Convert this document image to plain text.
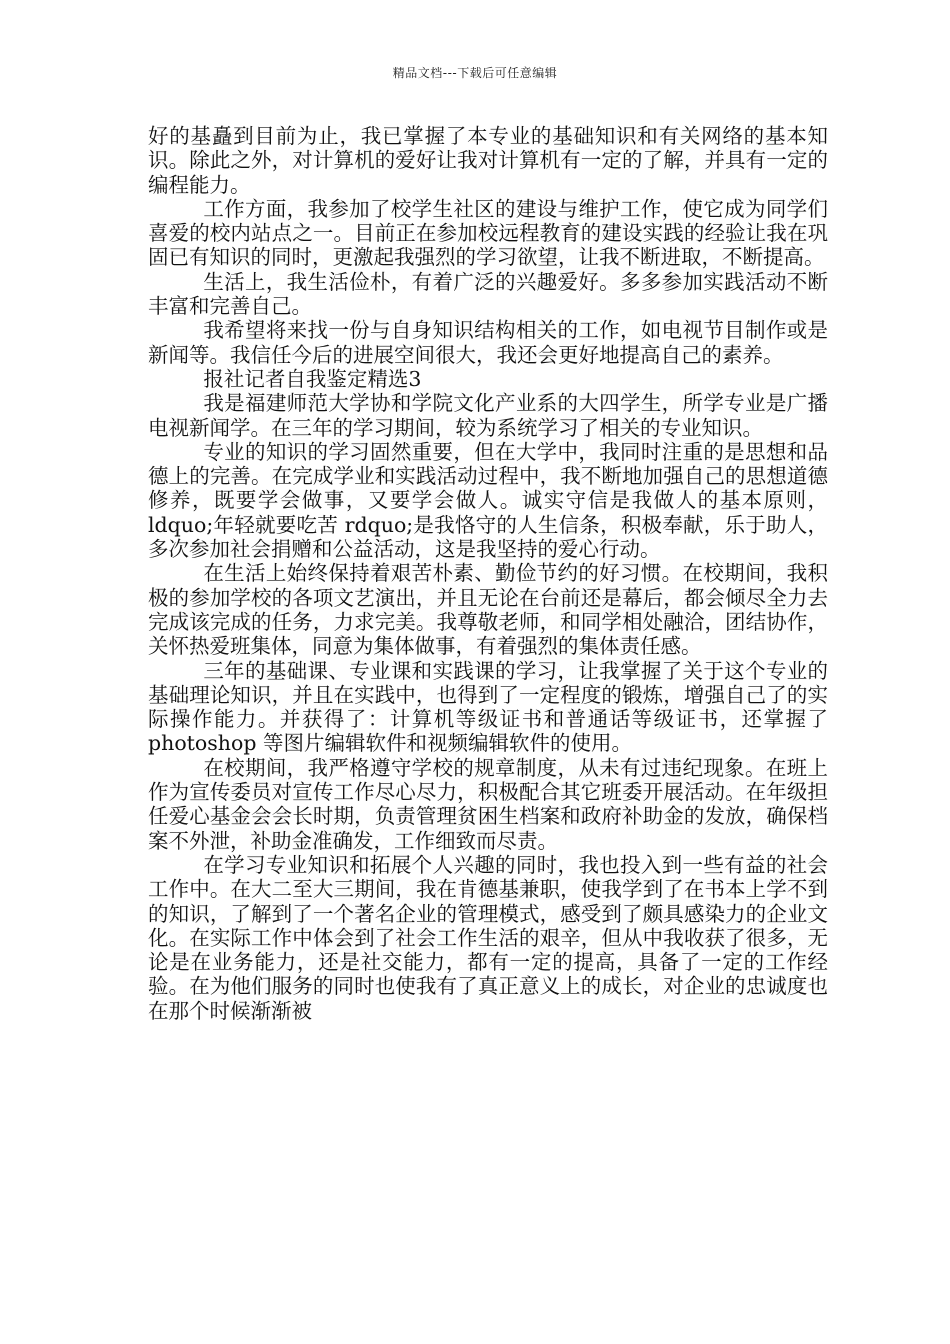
精品文档---下载后可任意编辑

好的基矗到目前为止，我已掌握了本专业的基础知识和有关网络的基本知识。除此之外，对计算机的爱好让我对计算机有一定的了解，并具有一定的编程能力。

工作方面，我参加了校学生社区的建设与维护工作，使它成为同学们喜爱的校内站点之一。目前正在参加校远程教育的建设实践的经验让我在巩固已有知识的同时，更激起我强烈的学习欲望，让我不断进取，不断提高。

生活上，我生活俭朴，有着广泛的兴趣爱好。多多参加实践活动不断丰富和完善自己。

我希望将来找一份与自身知识结构相关的工作，如电视节目制作或是新闻等。我信任今后的进展空间很大，我还会更好地提高自己的素养。

报社记者自我鉴定精选3

我是福建师范大学协和学院文化产业系的大四学生，所学专业是广播电视新闻学。在三年的学习期间，较为系统学习了相关的专业知识。

专业的知识的学习固然重要，但在大学中，我同时注重的是思想和品德上的完善。在完成学业和实践活动过程中，我不断地加强自己的思想道德修养，既要学会做事，又要学会做人。诚实守信是我做人的基本原则， ldquo;年轻就要吃苦 rdquo;是我恪守的人生信条，积极奉献，乐于助人，多次参加社会捐赠和公益活动，这是我坚持的爱心行动。

在生活上始终保持着艰苦朴素、勤俭节约的好习惯。在校期间，我积极的参加学校的各项文艺演出，并且无论在台前还是幕后，都会倾尽全力去完成该完成的任务，力求完美。我尊敬老师，和同学相处融洽，团结协作，关怀热爱班集体，同意为集体做事，有着强烈的集体责任感。

三年的基础课、专业课和实践课的学习，让我掌握了关于这个专业的基础理论知识，并且在实践中，也得到了一定程度的锻炼，增强自己了的实际操作能力。并获得了：计算机等级证书和普通话等级证书，还掌握了 photoshop 等图片编辑软件和视频编辑软件的使用。

在校期间，我严格遵守学校的规章制度，从未有过违纪现象。在班上作为宣传委员对宣传工作尽心尽力，积极配合其它班委开展活动。在年级担任爱心基金会会长时期，负责管理贫困生档案和政府补助金的发放，确保档案不外泄，补助金准确发，工作细致而尽责。

在学习专业知识和拓展个人兴趣的同时，我也投入到一些有益的社会工作中。在大二至大三期间，我在肯德基兼职，使我学到了在书本上学不到的知识，了解到了一个著名企业的管理模式，感受到了颇具感染力的企业文化。在实际工作中体会到了社会工作生活的艰辛，但从中我收获了很多，无论是在业务能力，还是社交能力，都有一定的提高，具备了一定的工作经验。在为他们服务的同时也使我有了真正意义上的成长，对企业的忠诚度也在那个时候渐渐被
